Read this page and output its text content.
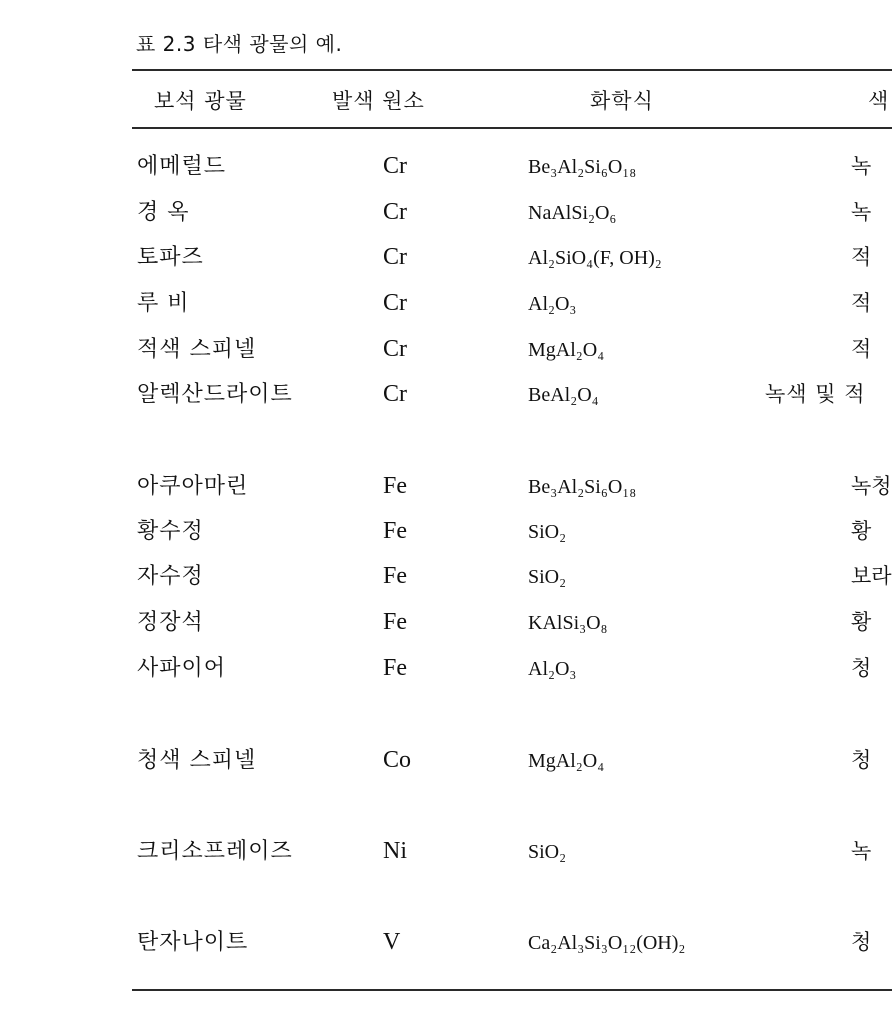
표 2.3 타색 광물의 예.
보석 광물	발색 원소	화학식	색
에메럴드	Cr	Be₃Al₂Si₆O₁₈	녹
경 옥	Cr	NaAlSi₂O₆	녹
토파즈	Cr	Al₂SiO₄(F, OH)₂	적
루 비	Cr	Al₂O₃	적
적색 스피넬	Cr	MgAl₂O₄	적
알렉산드라이트	Cr	BeAl₂O₄	녹색 및 적
아쿠아마린	Fe	Be₃Al₂Si₆O₁₈	녹청
황수정	Fe	SiO₂	황
자수정	Fe	SiO₂	보라
정장석	Fe	KAlSi₃O₈	황
사파이어	Fe	Al₂O₃	청
청색 스피넬	Co	MgAl₂O₄	청
크리소프레이즈	Ni	SiO₂	녹
탄자나이트	V	Ca₂Al₃Si₃O₁₂(OH)₂	청
